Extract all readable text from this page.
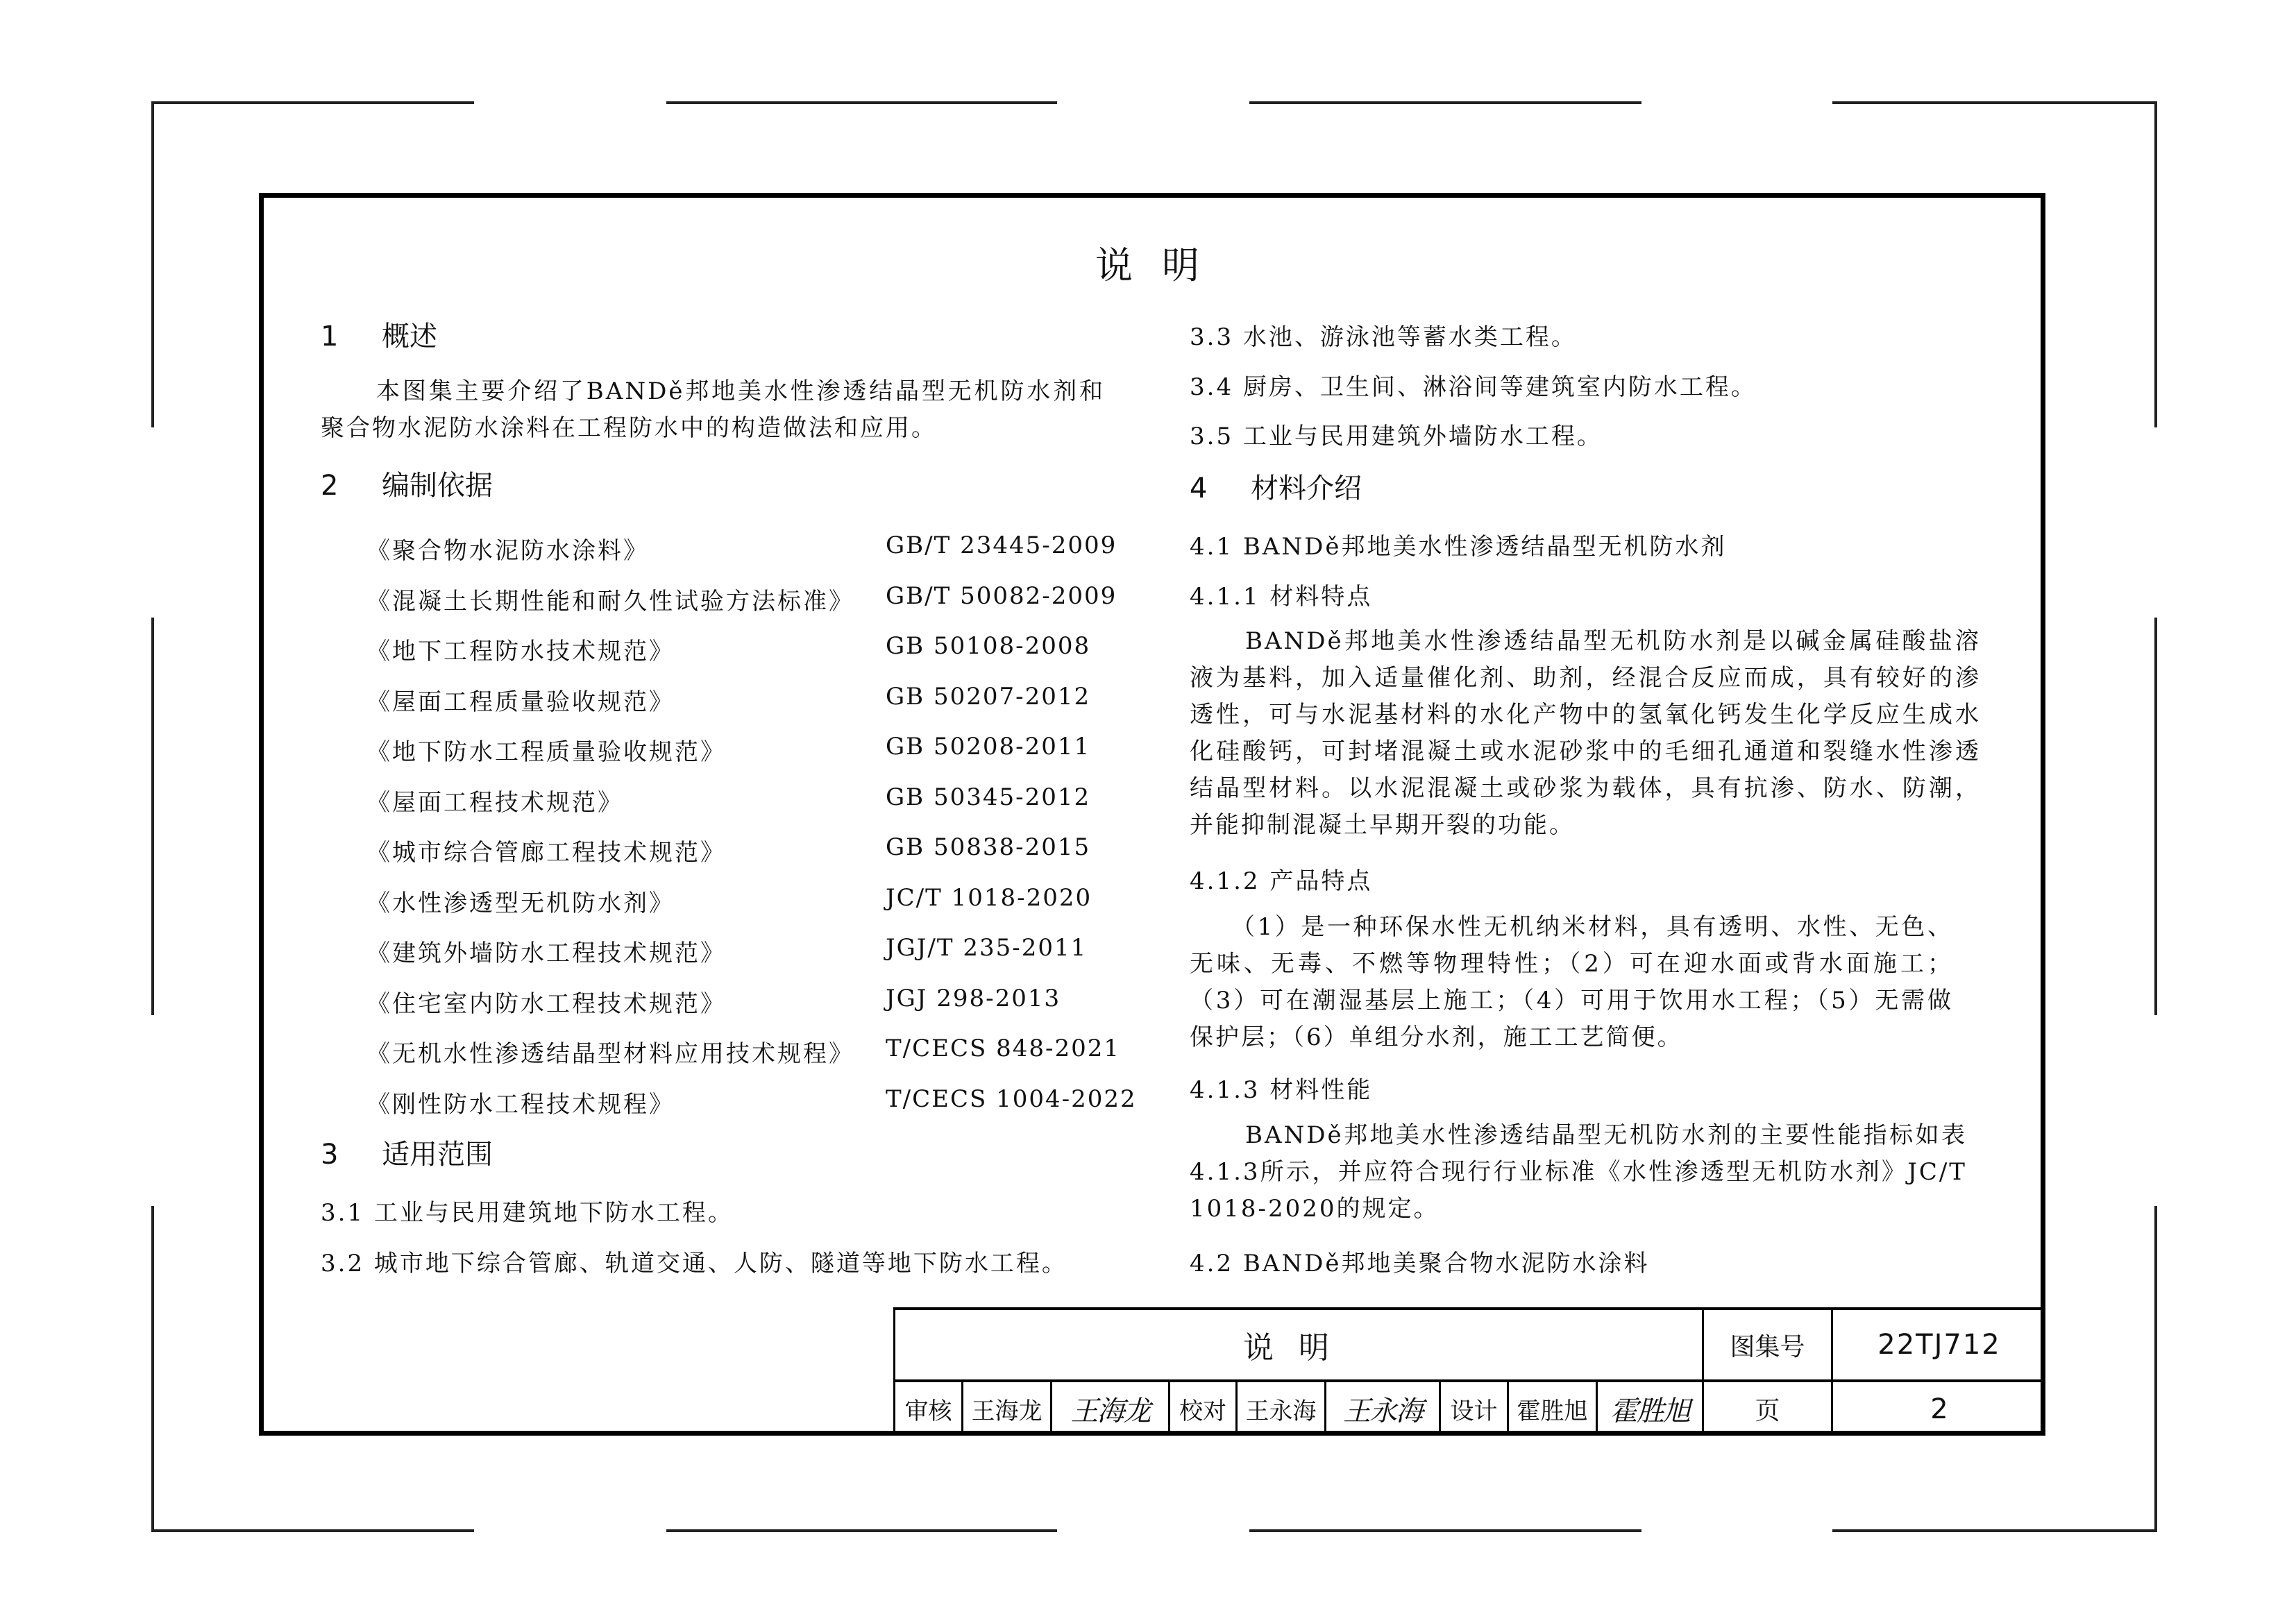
说明
1 概述
本图集主要介绍了BANDě邦地美水性渗透结晶型无机防水剂和聚合物水泥防水涂料在工程防水中的构造做法和应用。
2 编制依据
《聚合物水泥防水涂料》	GB/T 23445-2009
《混凝土长期性能和耐久性试验方法标准》 GB/T 50082-2009
《地下工程防水技术规范》	GB 50108-2008
《屋面工程质量验收规范》	GB 50207-2012
《地下防水工程质量验收规范》	GB 50208-2011
《屋面工程技术规范》	GB 50345-2012
《城市综合管廊工程技术规范》	GB 50838-2015
《水性渗透型无机防水剂》	JC/T 1018-2020
《建筑外墙防水工程技术规范》	JGJ/T 235-2011
《住宅室内防水工程技术规范》	JGJ 298-2013
《无机水性渗透结晶型材料应用技术规程》 T/CECS 848-2021
《刚性防水工程技术规程》	T/CECS 1004-2022
3 适用范围
3.1 工业与民用建筑地下防水工程。
3.2 城市地下综合管廊、轨道交通、人防、隧道等地下防水工程。
3.3 水池、游泳池等蓄水类工程。
3.4 厨房、卫生间、淋浴间等建筑室内防水工程。
3.5 工业与民用建筑外墙防水工程。
4 材料介绍
4.1 BANDě邦地美水性渗透结晶型无机防水剂
4.1.1 材料特点
BANDě邦地美水性渗透结晶型无机防水剂是以碱金属硅酸盐溶液为基料，加入适量催化剂、助剂，经混合反应而成，具有较好的渗透性，可与水泥基材料的水化产物中的氢氧化钙发生化学反应生成水化硅酸钙，可封堵混凝土或水泥砂浆中的毛细孔通道和裂缝水性渗透结晶型材料。以水泥混凝土或砂浆为载体，具有抗渗、防水、防潮，并能抑制混凝土早期开裂的功能。
4.1.2 产品特点
（1）是一种环保水性无机纳米材料，具有透明、水性、无色、无味、无毒、不燃等物理特性；（2）可在迎水面或背水面施工；（3）可在潮湿基层上施工；（4）可用于饮用水工程；（5）无需做保护层；（6）单组分水剂，施工工艺简便。
4.1.3 材料性能
BANDě邦地美水性渗透结晶型无机防水剂的主要性能指标如表4.1.3所示，并应符合现行行业标准《水性渗透型无机防水剂》JC/T 1018-2020的规定。
4.2 BANDě邦地美聚合物水泥防水涂料
说明	图集号	22TJ712
审核 王海龙 王海龙 校对 王永海 王永海 设计 霍胜旭 霍胜旭	页	2
